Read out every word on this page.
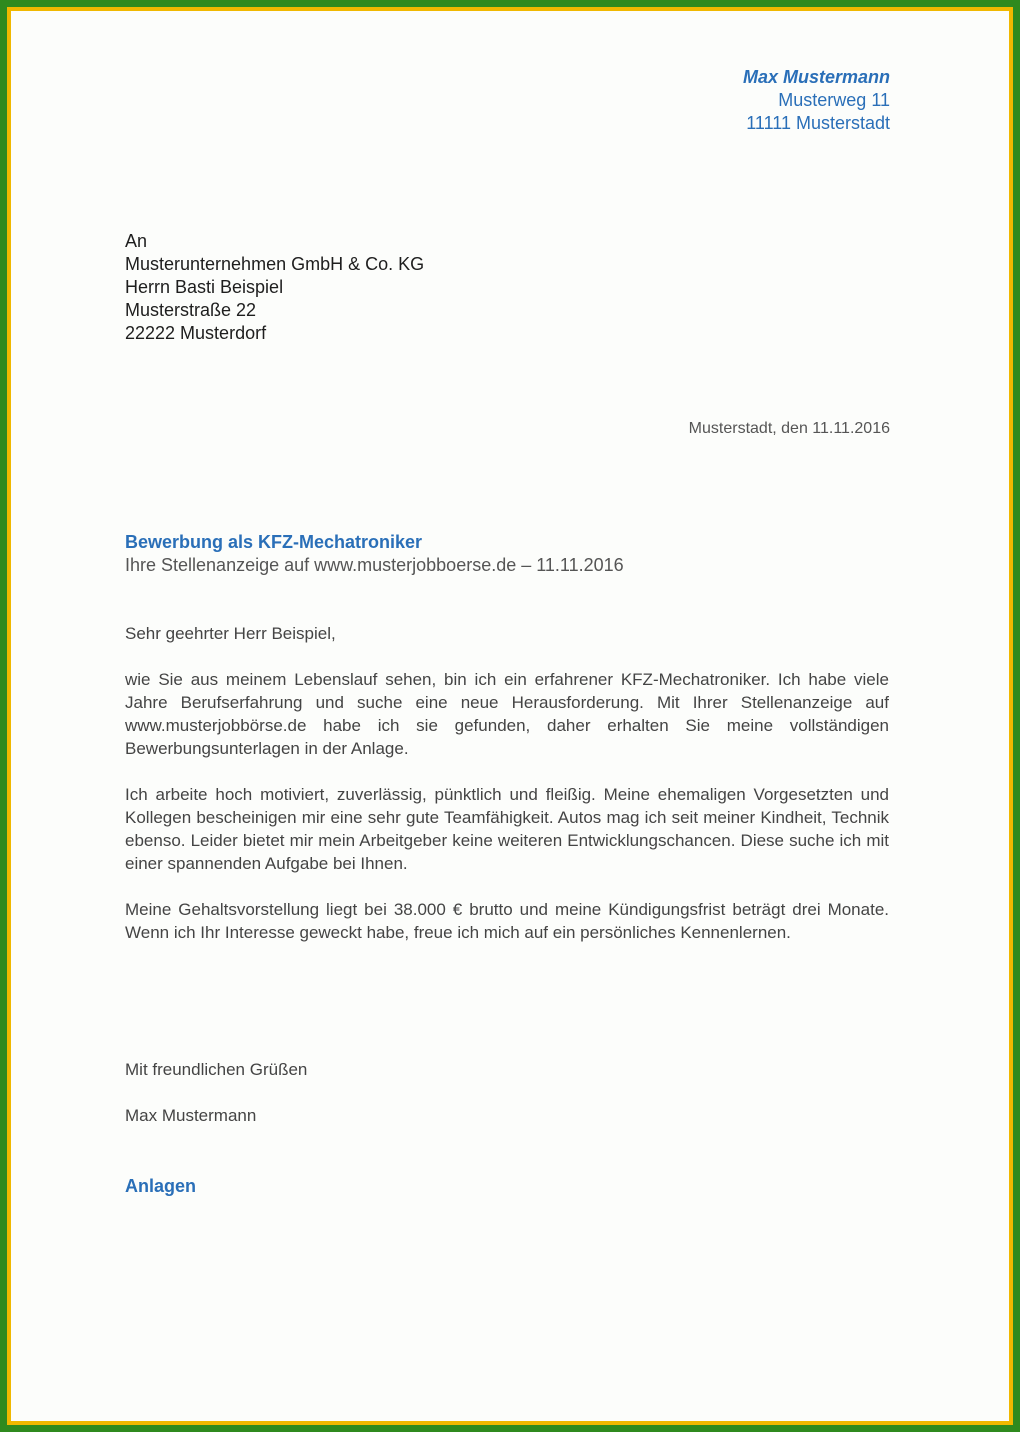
Max Mustermann
Musterweg 11
11111 Musterstadt
An
Musterunternehmen GmbH & Co. KG
Herrn Basti Beispiel
Musterstraße 22
22222 Musterdorf
Musterstadt, den 11.11.2016
Bewerbung als KFZ-Mechatroniker
Ihre Stellenanzeige auf www.musterjobboerse.de – 11.11.2016

Sehr geehrter Herr Beispiel,

wie Sie aus meinem Lebenslauf sehen, bin ich ein erfahrener KFZ-Mechatroniker. Ich habe viele Jahre Berufserfahrung und suche eine neue Herausforderung. Mit Ihrer Stellenanzeige auf www.musterjobbörse.de habe ich sie gefunden, daher erhalten Sie meine vollständigen Bewerbungsunterlagen in der Anlage.

Ich arbeite hoch motiviert, zuverlässig, pünktlich und fleißig. Meine ehemaligen Vorgesetzten und Kollegen bescheinigen mir eine sehr gute Teamfähigkeit. Autos mag ich seit meiner Kindheit, Technik ebenso. Leider bietet mir mein Arbeitgeber keine weiteren Entwicklungschancen. Diese suche ich mit einer spannenden Aufgabe bei Ihnen.

Meine Gehaltsvorstellung liegt bei 38.000 € brutto und meine Kündigungsfrist beträgt drei Monate. Wenn ich Ihr Interesse geweckt habe, freue ich mich auf ein persönliches Kennenlernen.

Mit freundlichen Grüßen
Max Mustermann
Anlagen
